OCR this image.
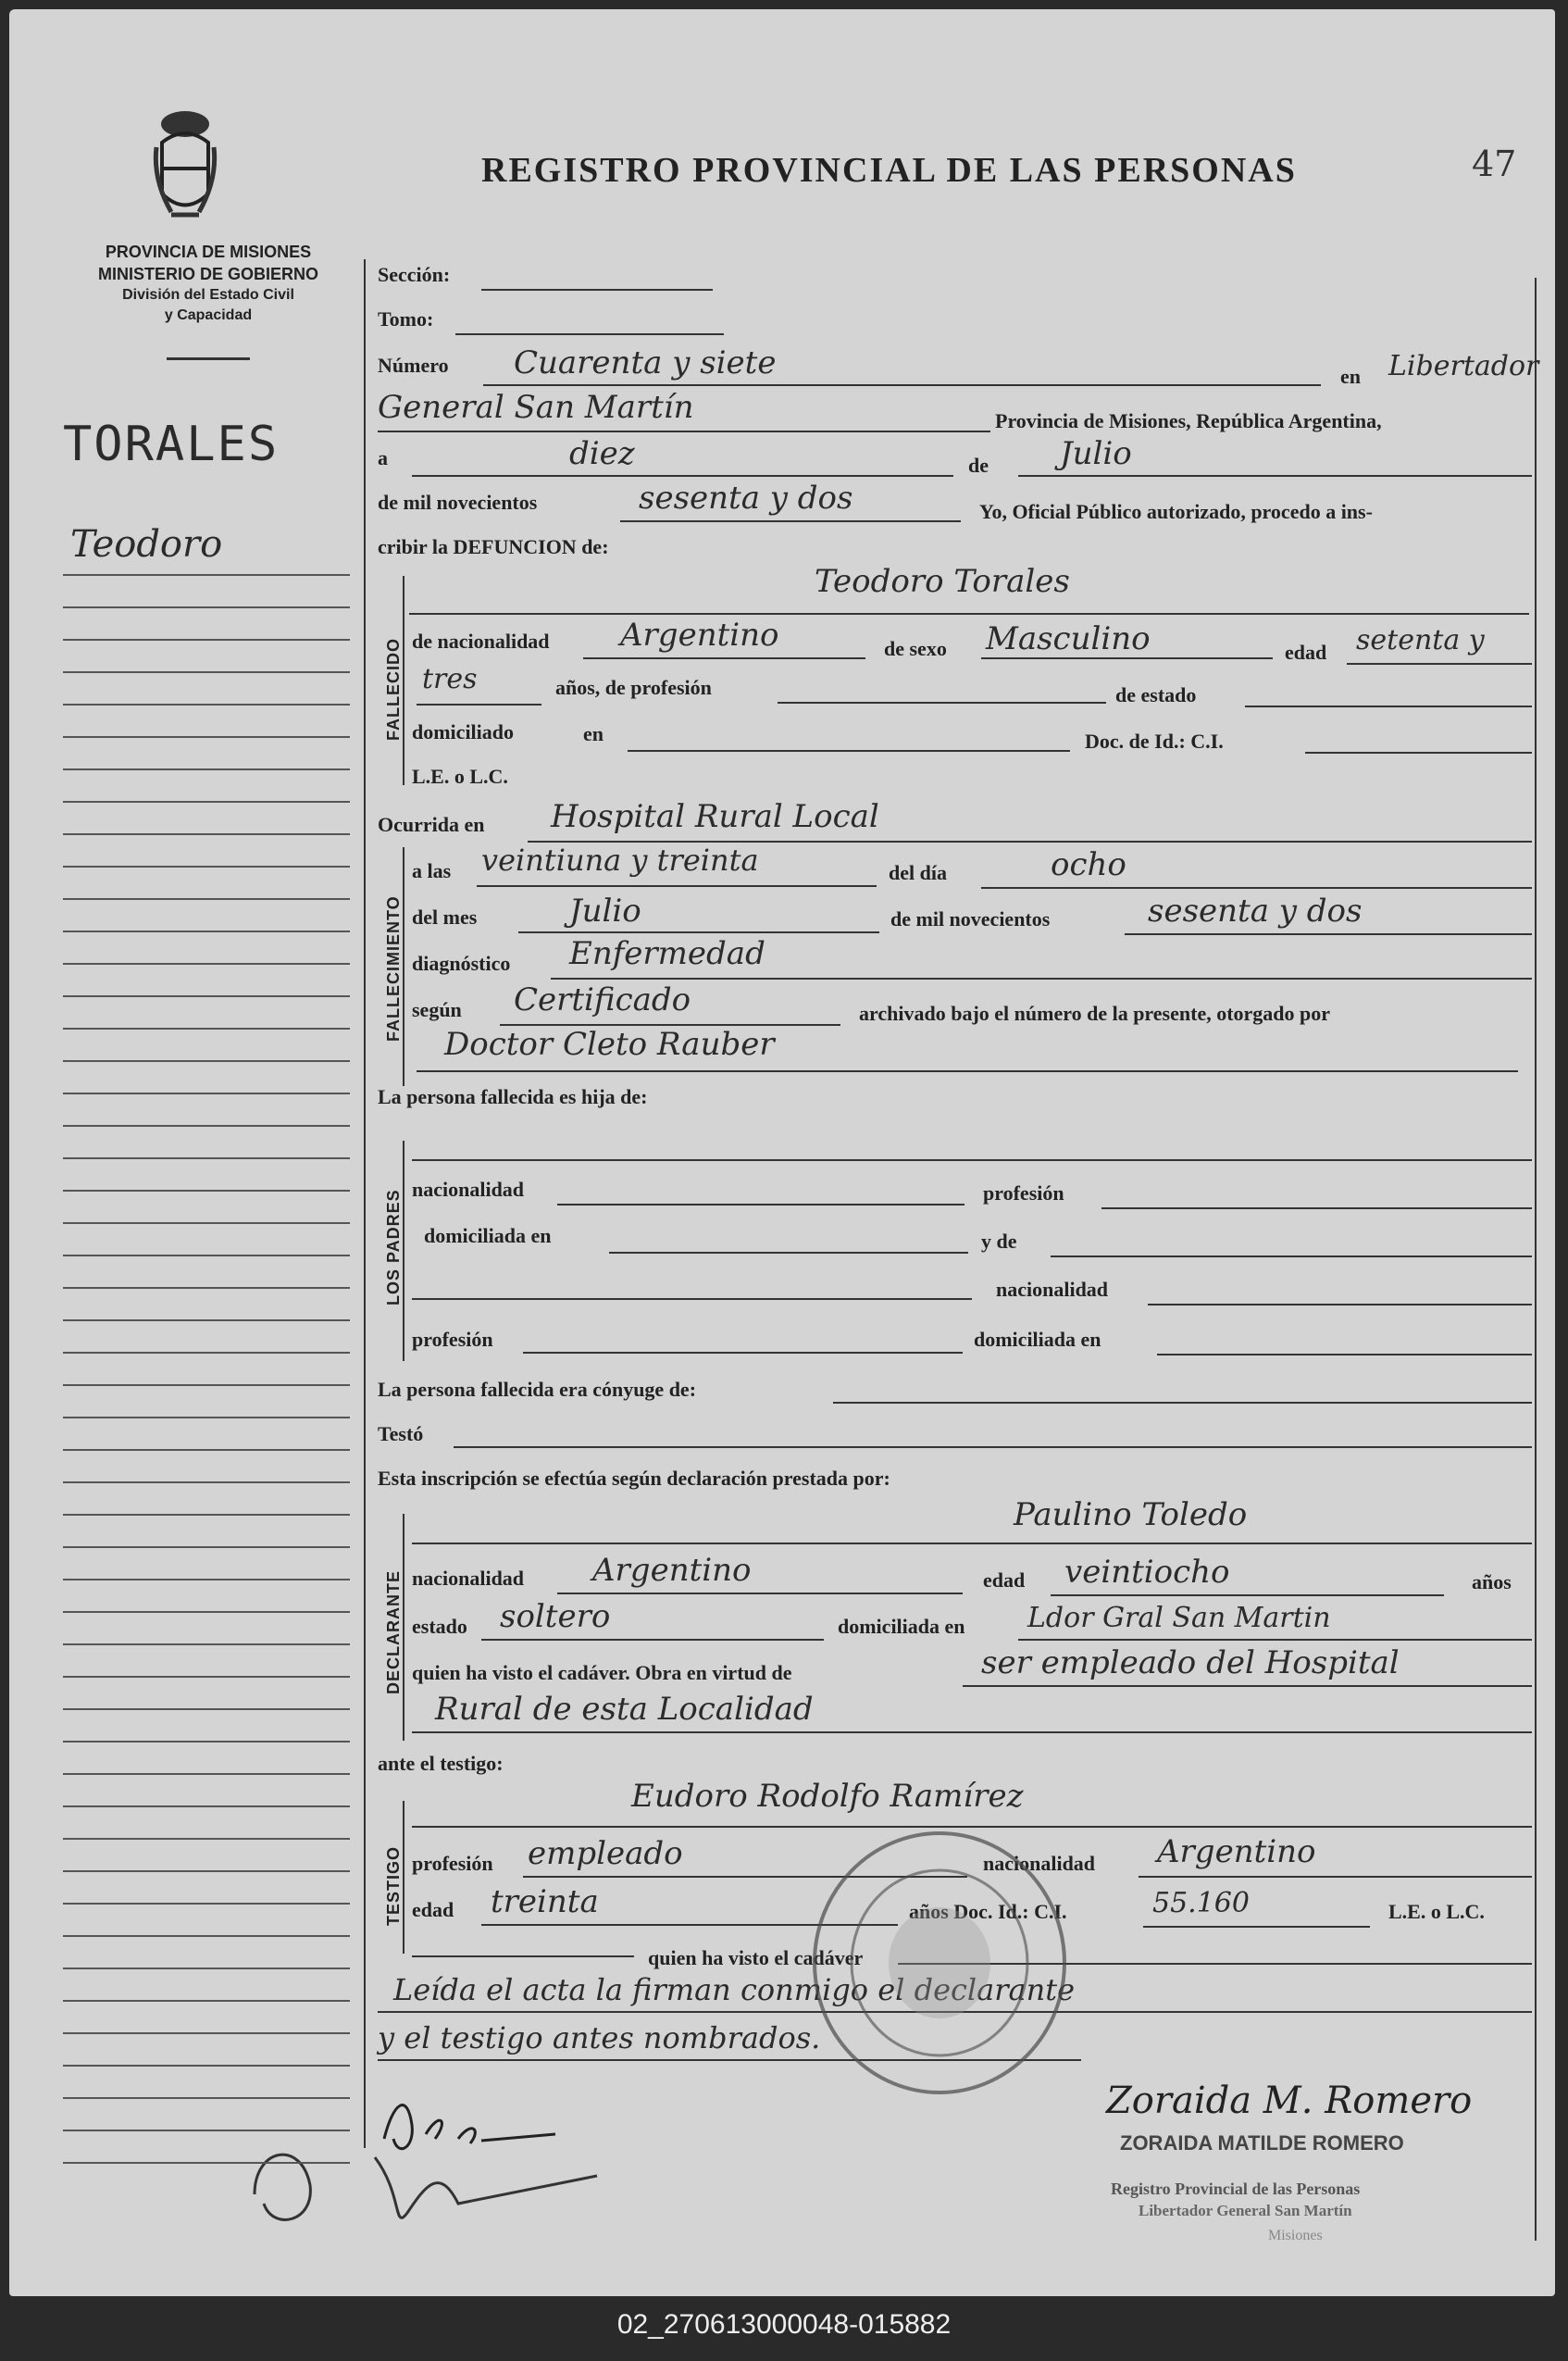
PROVINCIA DE MISIONES
MINISTERIO DE GOBIERNO
División del Estado Civil
y Capacidad
REGISTRO PROVINCIAL DE LAS PERSONAS	47
TORALES
Teodoro
Sección:
Tomo:
Número Cuarenta y siete	en Libertador
General San Martín	Provincia de Misiones, República Argentina,
a	diez	de Julio
de mil novecientos	sesenta y dos	Yo, Oficial Público autorizado, procedo a ins-
cribir la DEFUNCION de:
FALLECIDO
Teodoro Torales
de nacionalidad Argentino	de sexo Masculino	edad setenta y
tres	años, de profesión	de estado
domiciliado	en	Doc. de Id.: C.I.
L.E. o L.C.
Ocurrida en Hospital Rural Local
FALLECIMIENTO
a las veintiuna y treinta	del día	ocho
del mes	Julio	de mil novecientos	sesenta y dos
diagnóstico Enfermedad
según Certificado	archivado bajo el número de la presente, otorgado por
Doctor Cleto Rauber
La persona fallecida es hija de:
LOS PADRES nacionalidad	profesión
domiciliada en	y de
nacionalidad
profesión	domiciliada en
La persona fallecida era cónyuge de:
Testó
Esta inscripción se efectúa según declaración prestada por:
DECLARANTE
Paulino Toledo
nacionalidad Argentino	edad veintiocho	años
estado soltero	domiciliada en Ldor Gral San Martin
quien ha visto el cadáver. Obra en virtud de	ser empleado del Hospital
Rural de esta Localidad
ante el testigo:
TESTIGO
Eudoro Rodolfo Ramírez
profesión empleado	nacionalidad Argentino
edad treinta	años Doc. Id.: C.I.	55.160	L.E. o L.C.
quien ha visto el cadáver
Leída el acta la firman conmigo el declarante
y el testigo antes nombrados.
Zoraida M. Romero
ZORAIDA MATILDE ROMERO
Registro Provincial de las Personas
Libertador General San Martín
Misiones
02_270613000048-015882
